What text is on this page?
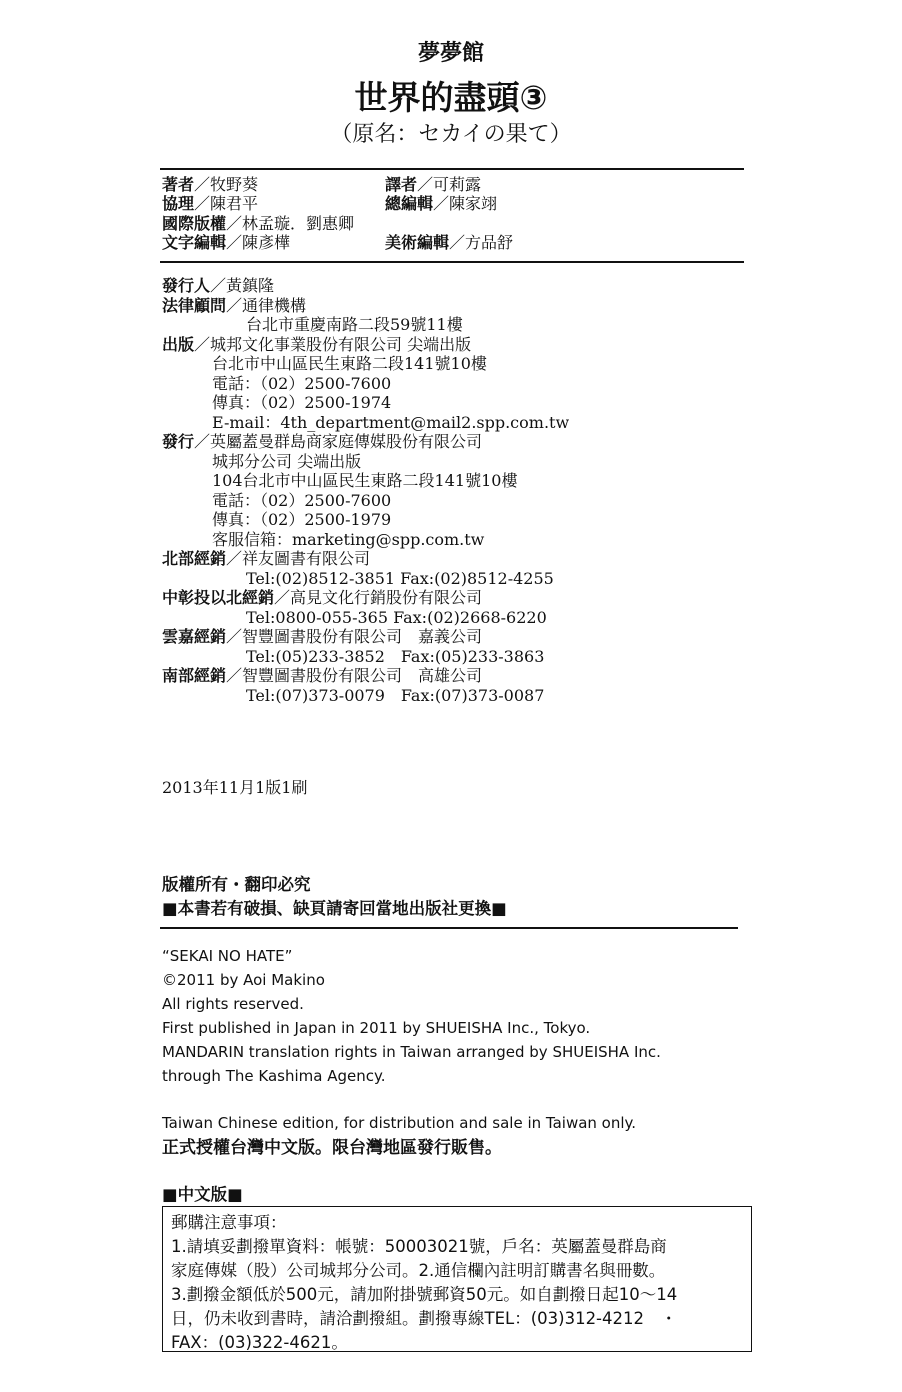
夢夢館
世界的盡頭③
（原名：セカイの果て）
著者／牧野葵	譯者／可莉露
協理／陳君平	總編輯／陳家翊
國際版權／林孟璇．劉惠卿
文字編輯／陳彥樺	美術編輯／方品舒
發行人／黃鎮隆
法律顧問／通律機構
台北市重慶南路二段59號11樓
出版／城邦文化事業股份有限公司 尖端出版
台北市中山區民生東路二段141號10樓
電話：（02）2500-7600
傳真：（02）2500-1974
E-mail：4th_department@mail2.spp.com.tw
發行／英屬蓋曼群島商家庭傳媒股份有限公司
城邦分公司 尖端出版
104台北市中山區民生東路二段141號10樓
電話：（02）2500-7600
傳真：（02）2500-1979
客服信箱：marketing@spp.com.tw
北部經銷／祥友圖書有限公司
Tel:(02)8512-3851 Fax:(02)8512-4255
中彰投以北經銷／高見文化行銷股份有限公司
Tel:0800-055-365 Fax:(02)2668-6220
雲嘉經銷／智豐圖書股份有限公司　嘉義公司
Tel:(05)233-3852　Fax:(05)233-3863
南部經銷／智豐圖書股份有限公司　高雄公司
Tel:(07)373-0079　Fax:(07)373-0087
2013年11月1版1刷
版權所有・翻印必究
■本書若有破損、缺頁請寄回當地出版社更換■
“SEKAI NO HATE”
©2011 by Aoi Makino
All rights reserved.
First published in Japan in 2011 by SHUEISHA Inc., Tokyo.
MANDARIN translation rights in Taiwan arranged by SHUEISHA Inc.
through The Kashima Agency.
Taiwan Chinese edition, for distribution and sale in Taiwan only.
正式授權台灣中文版。限台灣地區發行販售。
■中文版■
郵購注意事項：
1.請填妥劃撥單資料：帳號：50003021號，戶名：英屬蓋曼群島商
家庭傳媒（股）公司城邦分公司。2.通信欄內註明訂購書名與冊數。
3.劃撥金額低於500元，請加附掛號郵資50元。如自劃撥日起10～14
日，仍未收到書時，請洽劃撥組。劃撥專線TEL：(03)312-4212　・
FAX：(03)322-4621。
